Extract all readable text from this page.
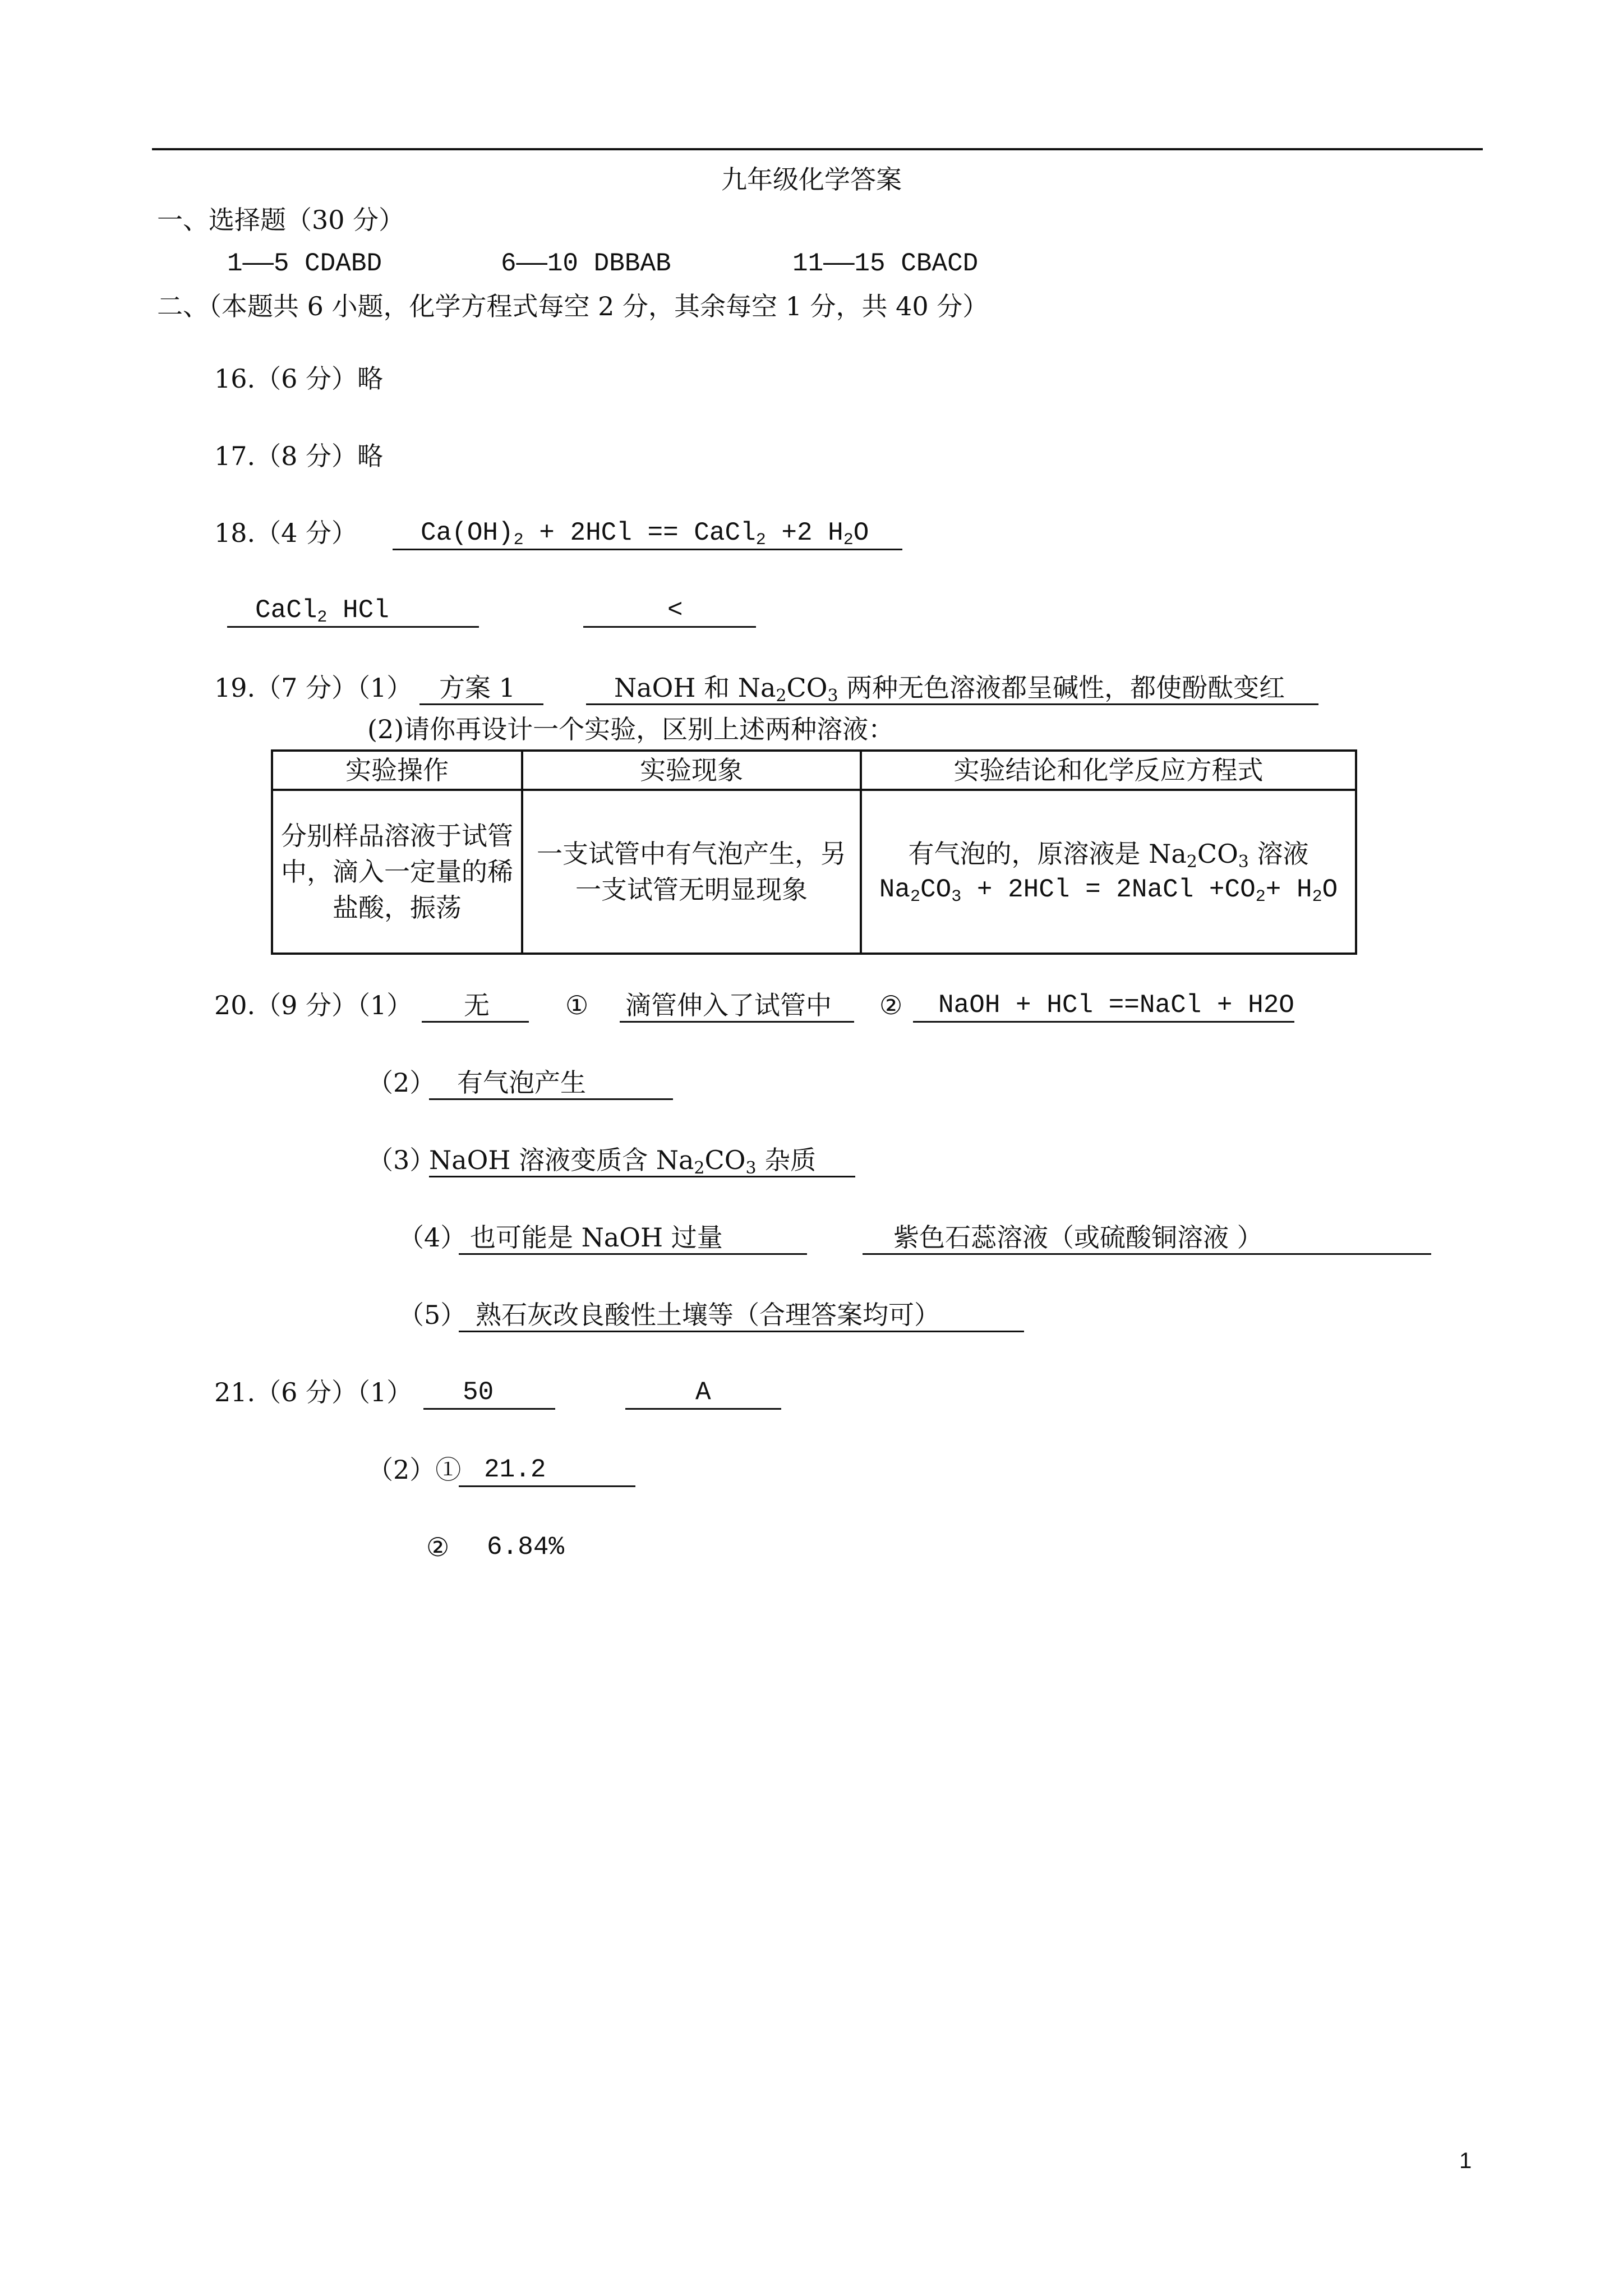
九年级化学答案
一、选择题（30 分）
1——5 CDABD	6——10 DBBAB	11——15 CBACD
二、（本题共 6 小题，化学方程式每空 2 分，其余每空 1 分，共 40 分）
16.（6 分）略
17.（8 分）略
18.（4 分）	$Ca(OH)_2 + 2HCl$ == CaCl$_2$ +2 $H_2O$
CaCl$_2$ HCl	<
19.（7 分）（1）	方案 1	NaOH 和 $Na_2CO_3$ 两种无色溶液都呈碱性，都使酚酞变红
(2)请你再设计一个实验，区别上述两种溶液：
实验操作	实验现象	实验结论和化学反应方程式
分别样品溶液于试管中，滴入一定量的稀盐酸，振荡	一支试管中有气泡产生，另一支试管无明显现象	有气泡的，原溶液是 $Na_2CO_3$ 溶液
$Na_2CO_3 + 2HCl$ = 2NaCl $+CO_2+ H_2O$
20.（9 分）（1）	无	① 滴管伸入了试管中	②	NaOH + HCl ==NaCl + H2O
（2） 有气泡产生
（3）
NaOH 溶液变质含 $Na_2CO_3$ 杂质
（4） 也可能是 NaOH 过量	紫色石蕊溶液（或硫酸铜溶液 ）
（5） 熟石灰改良酸性土壤等（合理答案均可）
21.（6 分）（1）	50	A
（2）① 21.2
② 6.84%
1
